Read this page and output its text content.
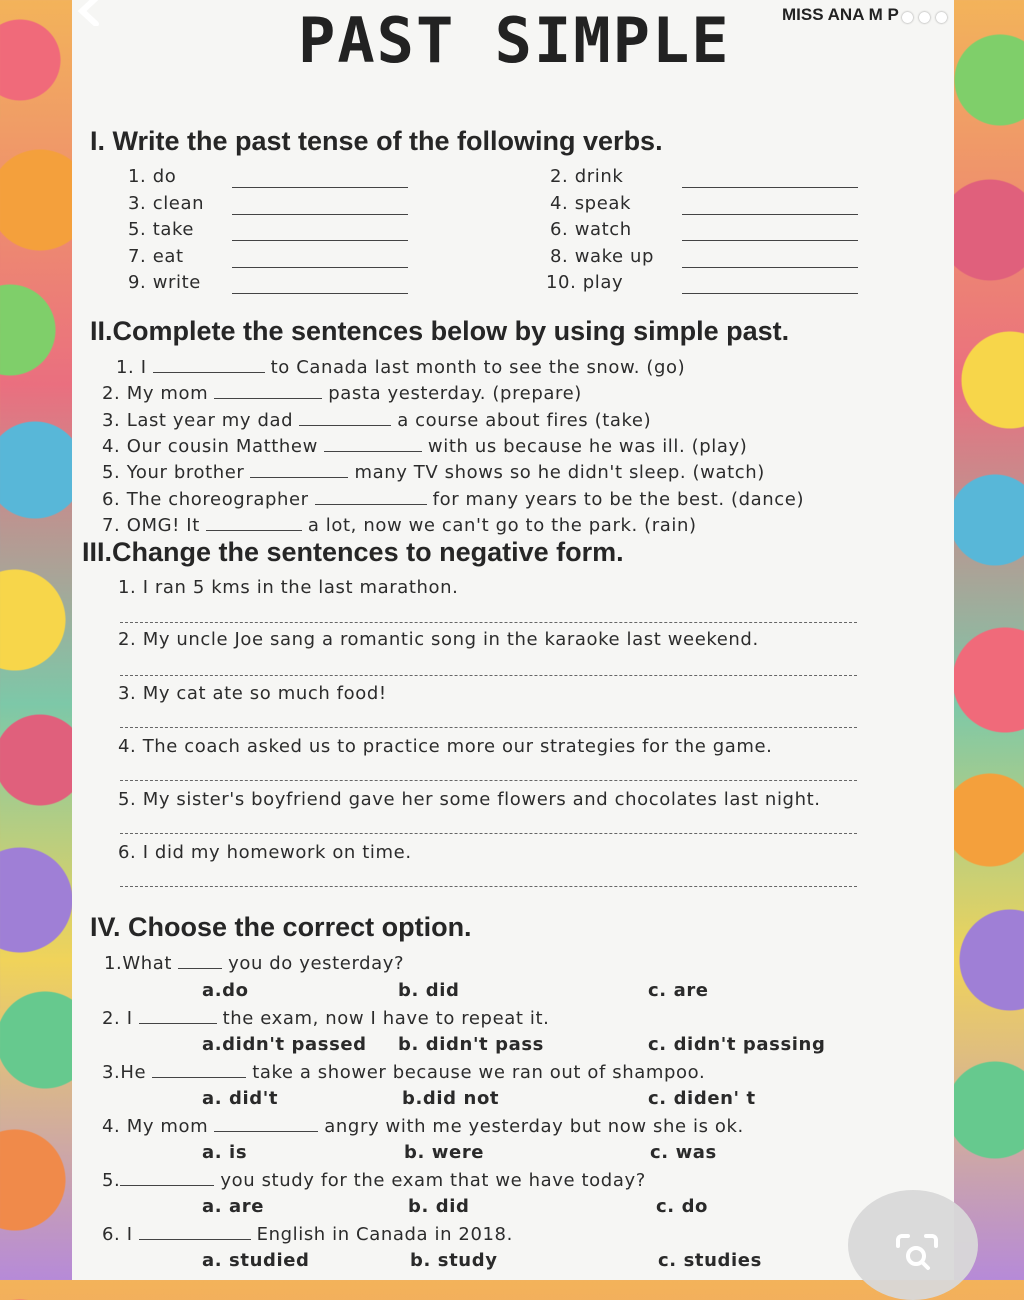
PAST SIMPLE	MISS ANA M P
I. Write the past tense of the following verbs.
1. do	2. drink
3. clean	4. speak
5. take	6. watch
7. eat	8. wake up
9. write	10. play
II.Complete the sentences below by using simple past.
1. I	to Canada last month to see the snow. (go)
2. My mom	pasta yesterday. (prepare)
3. Last year my dad	a course about fires (take)
4. Our cousin Matthew	with us because he was ill. (play)
5. Your brother	many TV shows so he didn't sleep. (watch)
6. The choreographer	for many years to be the best. (dance)
7. OMG! It	a lot, now we can't go to the park. (rain)
III.Change the sentences to negative form.
1. I ran 5 kms in the last marathon.
2. My uncle Joe sang a romantic song in the karaoke last weekend.
3. My cat ate so much food!
4. The coach asked us to practice more our strategies for the game.
5. My sister's boyfriend gave her some flowers and chocolates last night.
6. I did my homework on time.
IV. Choose the correct option.
1.What	you do yesterday?
a.do	b. did	c. are
2. I	the exam, now I have to repeat it.
a.didn't passed b. didn't pass	c. didn't passing
3.He	take a shower because we ran out of shampoo.
a. did't	b.did not	c. diden' t
4. My mom	angry with me yesterday but now she is ok.
a. is	b. were	c. was
5.	you study for the exam that we have today?
a. are	b. did	c. do
6. I	English in Canada in 2018.
a. studied	b. study	c. studies
